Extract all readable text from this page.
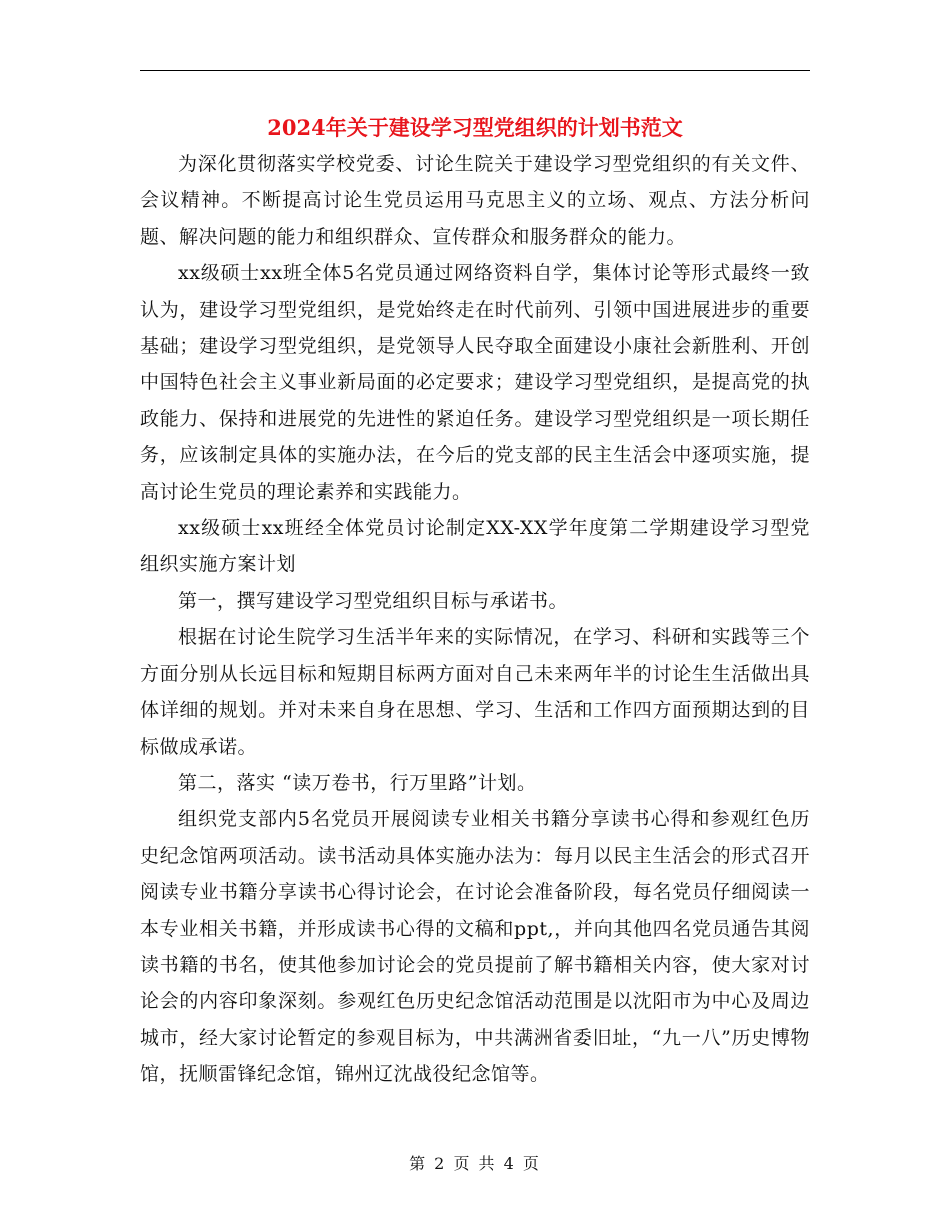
2024年关于建设学习型党组织的计划书范文

为深化贯彻落实学校党委、讨论生院关于建设学习型党组织的有关文件、会议精神。不断提高讨论生党员运用马克思主义的立场、观点、方法分析问题、解决问题的能力和组织群众、宣传群众和服务群众的能力。

xx级硕士xx班全体5名党员通过网络资料自学，集体讨论等形式最终一致认为，建设学习型党组织，是党始终走在时代前列、引领中国进展进步的重要基础；建设学习型党组织，是党领导人民夺取全面建设小康社会新胜利、开创中国特色社会主义事业新局面的必定要求；建设学习型党组织，是提高党的执政能力、保持和进展党的先进性的紧迫任务。建设学习型党组织是一项长期任务，应该制定具体的实施办法，在今后的党支部的民主生活会中逐项实施，提高讨论生党员的理论素养和实践能力。

xx级硕士xx班经全体党员讨论制定XX-XX学年度第二学期建设学习型党组织实施方案计划

第一，撰写建设学习型党组织目标与承诺书。

根据在讨论生院学习生活半年来的实际情况，在学习、科研和实践等三个方面分别从长远目标和短期目标两方面对自己未来两年半的讨论生生活做出具体详细的规划。并对未来自身在思想、学习、生活和工作四方面预期达到的目标做成承诺。

第二，落实 “读万卷书，行万里路”计划。

组织党支部内5名党员开展阅读专业相关书籍分享读书心得和参观红色历史纪念馆两项活动。读书活动具体实施办法为：每月以民主生活会的形式召开阅读专业书籍分享读书心得讨论会，在讨论会准备阶段，每名党员仔细阅读一本专业相关书籍，并形成读书心得的文稿和ppt,，并向其他四名党员通告其阅读书籍的书名，使其他参加讨论会的党员提前了解书籍相关内容，使大家对讨论会的内容印象深刻。参观红色历史纪念馆活动范围是以沈阳市为中心及周边城市，经大家讨论暂定的参观目标为，中共满洲省委旧址，“九一八”历史博物馆，抚顺雷锋纪念馆，锦州辽沈战役纪念馆等。

第 2 页 共 4 页
